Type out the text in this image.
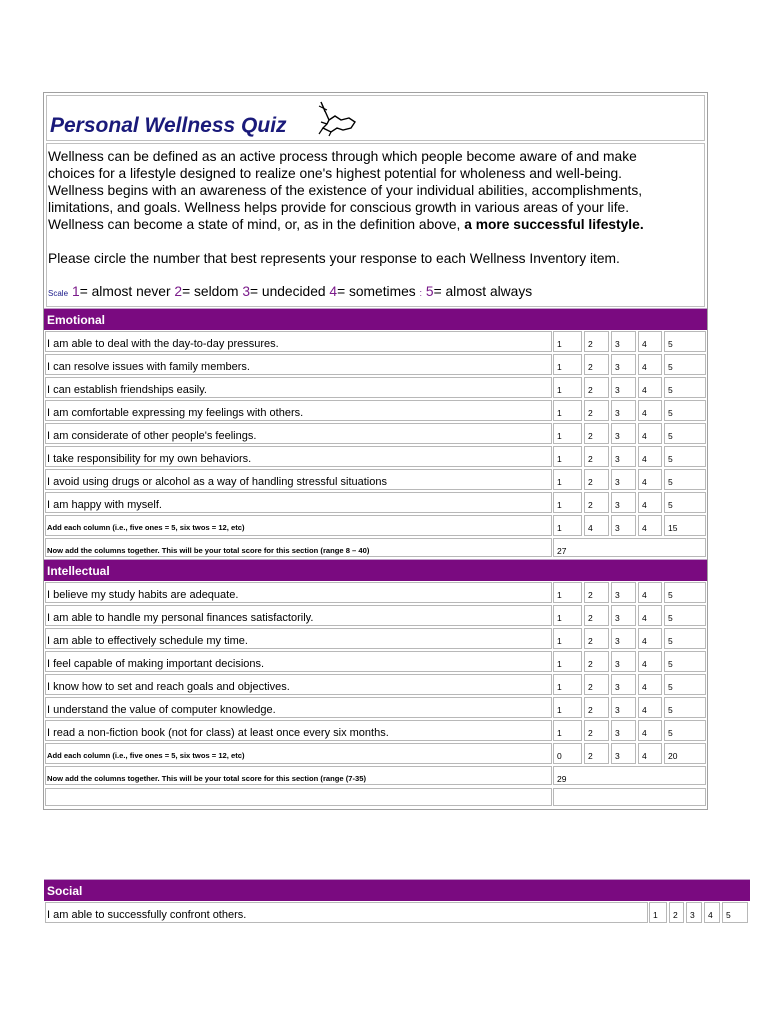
Personal Wellness Quiz

Wellness can be defined as an active process through which people become aware of and make
choices for a lifestyle designed to realize one's highest potential for wholeness and well-being.
Wellness begins with an awareness of the existence of your individual abilities, accomplishments,
limitations, and goals. Wellness helps provide for conscious growth in various areas of your life.
Wellness can become a state of mind, or, as in the definition above, a more successful lifestyle.

Please circle the number that best represents your response to each Wellness Inventory item.

Scale 1= almost never 2= seldom 3= undecided 4= sometimes : 5= almost always

Emotional
I am able to deal with the day-to-day pressures.	1	2	3	4	5
I can resolve issues with family members.	1	2	3	4	5
I can establish friendships easily.	1	2	3	4	5
I am comfortable expressing my feelings with others.	1	2	3	4	5
I am considerate of other people's feelings.	1	2	3	4	5
I take responsibility for my own behaviors.	1	2	3	4	5
I avoid using drugs or alcohol as a way of handling stressful situations	1	2	3	4	5
I am happy with myself.	1	2	3	4	5
Add each column (i.e., five ones = 5, six twos = 12, etc)	1	4	3	4	15
Now add the columns together. This will be your total score for this section (range 8 – 40)	27
Intellectual
I believe my study habits are adequate.	1	2	3	4	5
I am able to handle my personal finances satisfactorily.	1	2	3	4	5
I am able to effectively schedule my time.	1	2	3	4	5
I feel capable of making important decisions.	1	2	3	4	5
I know how to set and reach goals and objectives.	1	2	3	4	5
I understand the value of computer knowledge.	1	2	3	4	5
I read a non-fiction book (not for class) at least once every six months.	1	2	3	4	5
Add each column (i.e., five ones = 5, six twos = 12, etc)	0	2	3	4	20
Now add the columns together. This will be your total score for this section (range (7-35)	29
Social
I am able to successfully confront others.	1	2	3	4	5
